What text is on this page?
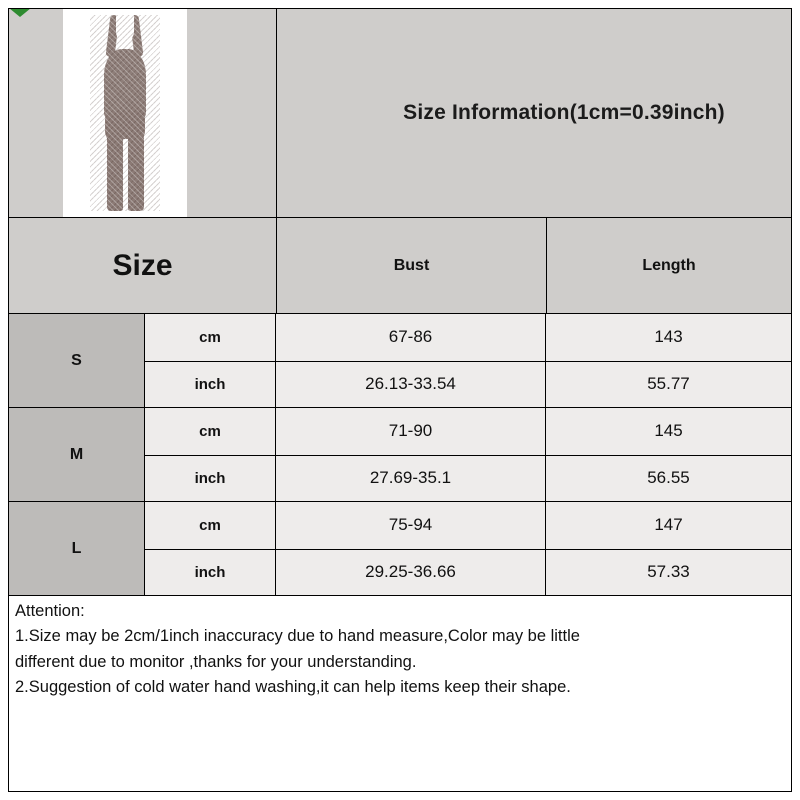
Size Information(1cm=0.39inch)
Size	Bust	Length
S
cm	67-86	143
inch	26.13-33.54	55.77
M
cm	71-90	145
inch	27.69-35.1	56.55
L
cm	75-94	147
inch	29.25-36.66	57.33

Attention:

1.Size may be 2cm/1inch inaccuracy due to hand measure,Color may be little

different due to monitor ,thanks for your understanding.

2.Suggestion of cold water hand washing,it can help items keep their shape.
